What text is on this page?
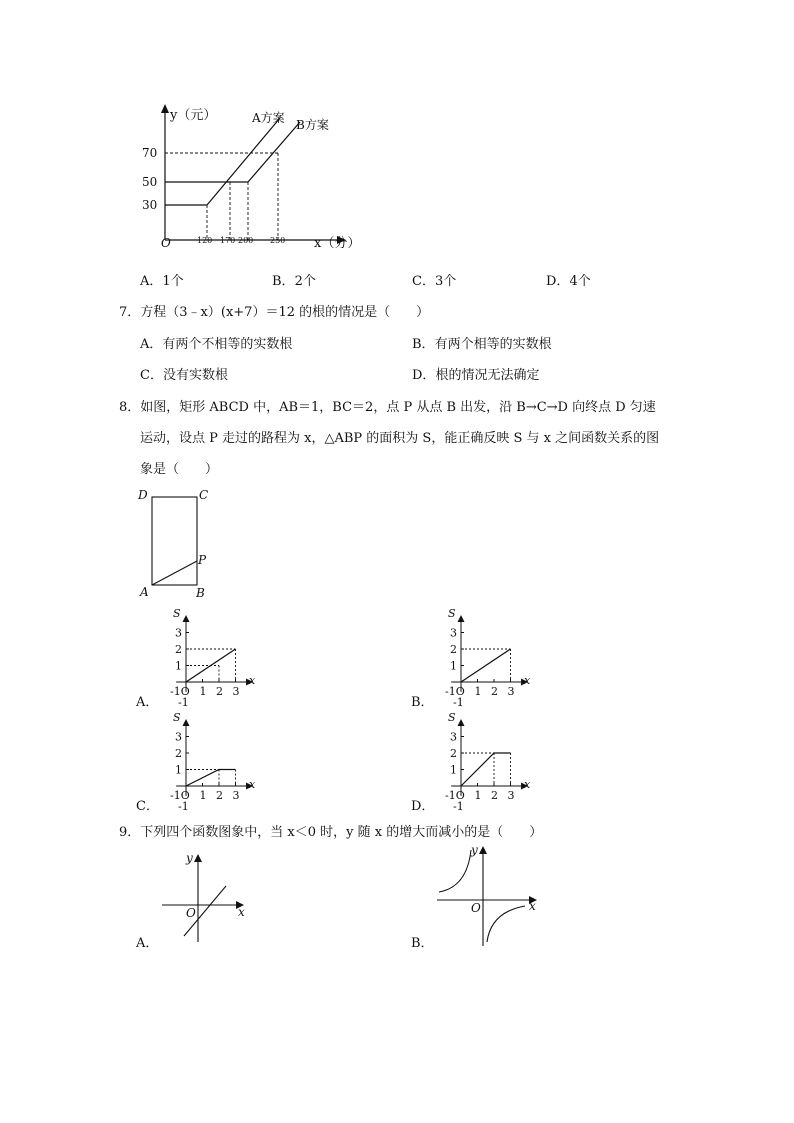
y（元）
O	x（分）
30
50
70
120 170 200 250
A方案 B方案
A．1个	B．2个	C．3个	D．4个
7．方程（3﹣x）(x+7）＝12 的根的情况是（　　）
A．有两个不相等的实数根	B．有两个相等的实数根
C．没有实数根	D．根的情况无法确定
8．如图，矩形 ABCD 中，AB＝1，BC＝2，点 P 从点 B 出发，沿 B→C→D 向终点 D 匀速
运动，设点 P 走过的路程为 x，△ABP 的面积为 S，能正确反映 S 与 x 之间函数关系的图
象是（　　）
D	C
P
A	B
A．
1
1
2
2
3
3
S
x
-1O
-1	B．
1
1
2
2
3
3
S
x
-1O
-1
C．
1
1
2
2
3
3
S
x
-1O
-1	D．
1
1
2
2
3
3
S
x
-1O
-1
9．下列四个函数图象中，当 x＜0 时，y 随 x 的增大而减小的是（　　）
A．
y
x
O
B．
y
x
O
